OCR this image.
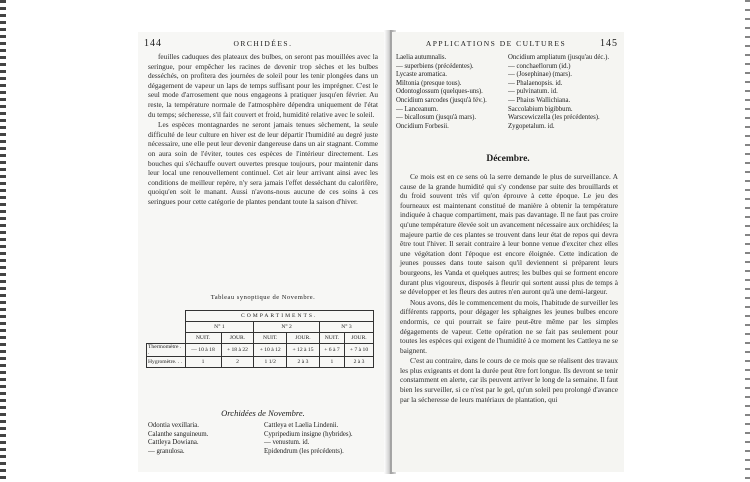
144	ORCHIDÉES.

feuilles caduques des plateaux des bulbes, on seront pas mouillées avec la seringue, pour empêcher les racines de devenir trop sèches et les bulbes desséchés, on profitera des journées de soleil pour les tenir plongées dans un dégagement de vapeur un laps de temps suffisant pour les imprégner. C'est le seul mode d'arrosement que nous engageons à pratiquer jusqu'en février. Au reste, la température normale de l'atmosphère dépendra uniquement de l'état du temps; sécheresse, s'il fait couvert et froid, humidité relative avec le soleil.

Les espèces montagnardes ne seront jamais tenues sèchement, la seule difficulté de leur culture en hiver est de leur départir l'humidité au degré juste nécessaire, une elle peut leur devenir dangereuse dans un air stagnant. Comme on aura soin de l'éviter, toutes ces espèces de l'intérieur directement. Les bouches qui s'échauffe ouvert ouvertes presque toujours, pour maintenir dans leur local une renouvellement continuel. Cet air leur arrivant ainsi avec les conditions de meilleur repère, n'y sera jamais l'effet desséchant du calorifère, quoiqu'en soit le manant. Aussi n'avons-nous aucune de ces soins à ces seringues pour cette catégorie de plantes pendant toute la saison d'hiver.

Tableau synoptique de Novembre.
	COMPARTIMENTS.					
	N° 1		N° 2		N° 3	
	NUIT.	JOUR.	NUIT.	JOUR.	NUIT.	JOUR.
Thermomètre . .	— 10 à 18	+ 18 à 22	+ 10 à 12	+ 12 à 15	+ 6 à 7	+ 7 à 10
Hygromètre. . .	1	2	1 1/2	2 à 3	1	2 à 3
Orchidées de Novembre.
Odontia vexillaria.	Cattleya et Laelia Lindenii.
Calanthe sanguineum.	Cypripedium insigne (hybrides).
Cattleya Dowiana.	— venustum. id.
— granulosa.	Epidendrum (les précédents).
APPLICATIONS DE CULTURES	145
Laelia autumnalis.	Oncidium ampliatum (jusqu'au déc.).
— superbiens (précédentes).	— conchaeflorum (id.)
Lycaste aromatica.	— (Josephinae) (mars).
Miltonia (presque tous).	— Phalaenopsis. id.
Odontoglossum (quelques-uns).	— pulvinatum. id.
Oncidium sarcodes (jusqu'à fév.).	— Phaius Wallichiana.
— Lanceanum.	Saccolabium bigibbum.
— bicallosum (jusqu'à mars).	Warscewiczella (les précédentes).
Oncidium Forbesii.	Zygopetalum. id.
Décembre.

Ce mois est en ce sens où la serre demande le plus de surveillance. A cause de la grande humidité qui s'y condense par suite des brouillards et du froid souvent très vif qu'on éprouve à cette époque. Le jeu des fourneaux est maintenant constitué de manière à obtenir la température indiquée à chaque compartiment, mais pas davantage. Il ne faut pas croire qu'une température élevée soit un avancement nécessaire aux orchidées; la majeure partie de ces plantes se trouvent dans leur état de repos qui devra être tout l'hiver. Il serait contraire à leur bonne venue d'exciter chez elles une végétation dont l'époque est encore éloignée. Cette indication de jeunes pousses dans toute saison qu'il deviennent si préparent leurs bourgeons, les Vanda et quelques autres; les bulbes qui se forment encore durant plus vigoureux, disposés à fleurir qui sortent aussi plus de temps à se développer et les fleurs des autres n'en auront qu'à une demi-largeur.

Nous avons, dès le commencement du mois, l'habitude de surveiller les différents rapports, pour dégager les sphaignes les jeunes bulbes encore endormis, ce qui pourrait se faire peut-être même par les simples dégagements de vapeur. Cette opération ne se fait pas seulement pour toutes les espèces qui exigent de l'humidité à ce moment les Cattleya ne se baignent.

C'est au contraire, dans le cours de ce mois que se réalisent des travaux les plus exigeants et dont la durée peut être fort longue. Ils devront se tenir constamment en alerte, car ils peuvent arriver le long de la semaine. Il faut bien les surveiller, si ce n'est par le gel, qu'un soleil peu prolongé d'avance par la sécheresse de leurs matériaux de plantation, qui
